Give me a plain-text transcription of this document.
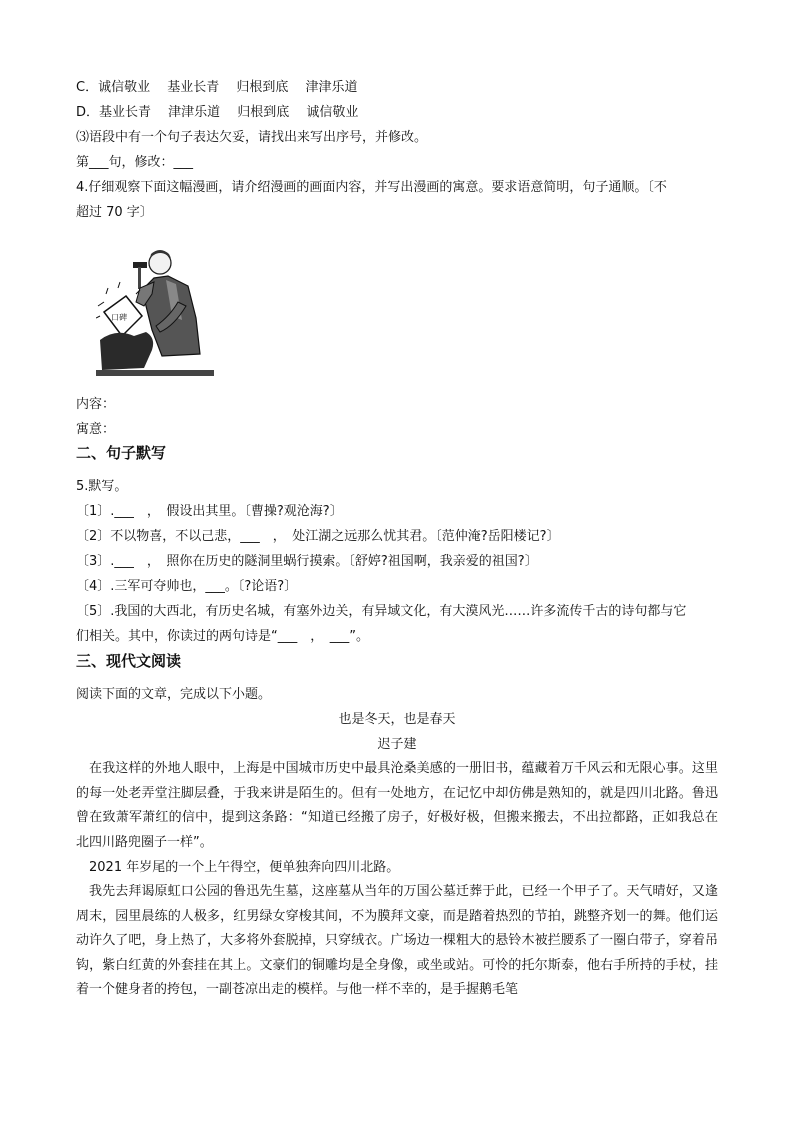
C．诚信敬业　 基业长青　 归根到底　 津津乐道
D．基业长青　 津津乐道　 归根到底　 诚信敬业
⑶语段中有一个句子表达欠妥，请找出来写出序号，并修改。
第___句，修改：___
4.仔细观察下面这幅漫画，请介绍漫画的画面内容，并写出漫画的寓意。要求语意简明，句子通顺。〔不
超过 70 字〕
口碑
内容：
寓意：
二、句子默写
5.默写。
〔1〕.___　，　假设出其里。〔曹操?观沧海?〕
〔2〕不以物喜，不以己悲，___　，　处江湖之远那么忧其君。〔范仲淹?岳阳楼记?〕
〔3〕.___　，　照你在历史的隧洞里蜗行摸索。〔舒婷?祖国啊，我亲爱的祖国?〕
〔4〕.三军可夺帅也，___。〔?论语?〕
〔5〕.我国的大西北，有历史名城，有塞外边关，有异域文化，有大漠风光……许多流传千古的诗句都与它
们相关。其中，你读过的两句诗是“___　，　___”。
三、现代文阅读
阅读下面的文章，完成以下小题。
也是冬天，也是春天
迟子建
在我这样的外地人眼中，上海是中国城市历史中最具沧桑美感的一册旧书，蕴藏着万千风云和无限心事。这里的每一处老弄堂注脚层叠，于我来讲是陌生的。但有一处地方，在记忆中却仿佛是熟知的，就是四川北路。鲁迅曾在致萧军萧红的信中，提到这条路：“知道已经搬了房子，好极好极，但搬来搬去，不出拉都路，正如我总在北四川路兜圈子一样”。
2021 年岁尾的一个上午得空，便单独奔向四川北路。
我先去拜谒原虹口公园的鲁迅先生墓，这座墓从当年的万国公墓迁葬于此，已经一个甲子了。天气晴好，又逢周末，园里晨练的人极多，红男绿女穿梭其间，不为膜拜文豪，而是踏着热烈的节拍，跳整齐划一的舞。他们运动许久了吧，身上热了，大多将外套脱掉，只穿绒衣。广场边一棵粗大的悬铃木被拦腰系了一圈白带子，穿着吊钩，紫白红黄的外套挂在其上。文豪们的铜雕均是全身像，或坐或站。可怜的托尔斯泰，他右手所持的手杖，挂着一个健身者的挎包，一副苍凉出走的模样。与他一样不幸的，是手握鹅毛笔
